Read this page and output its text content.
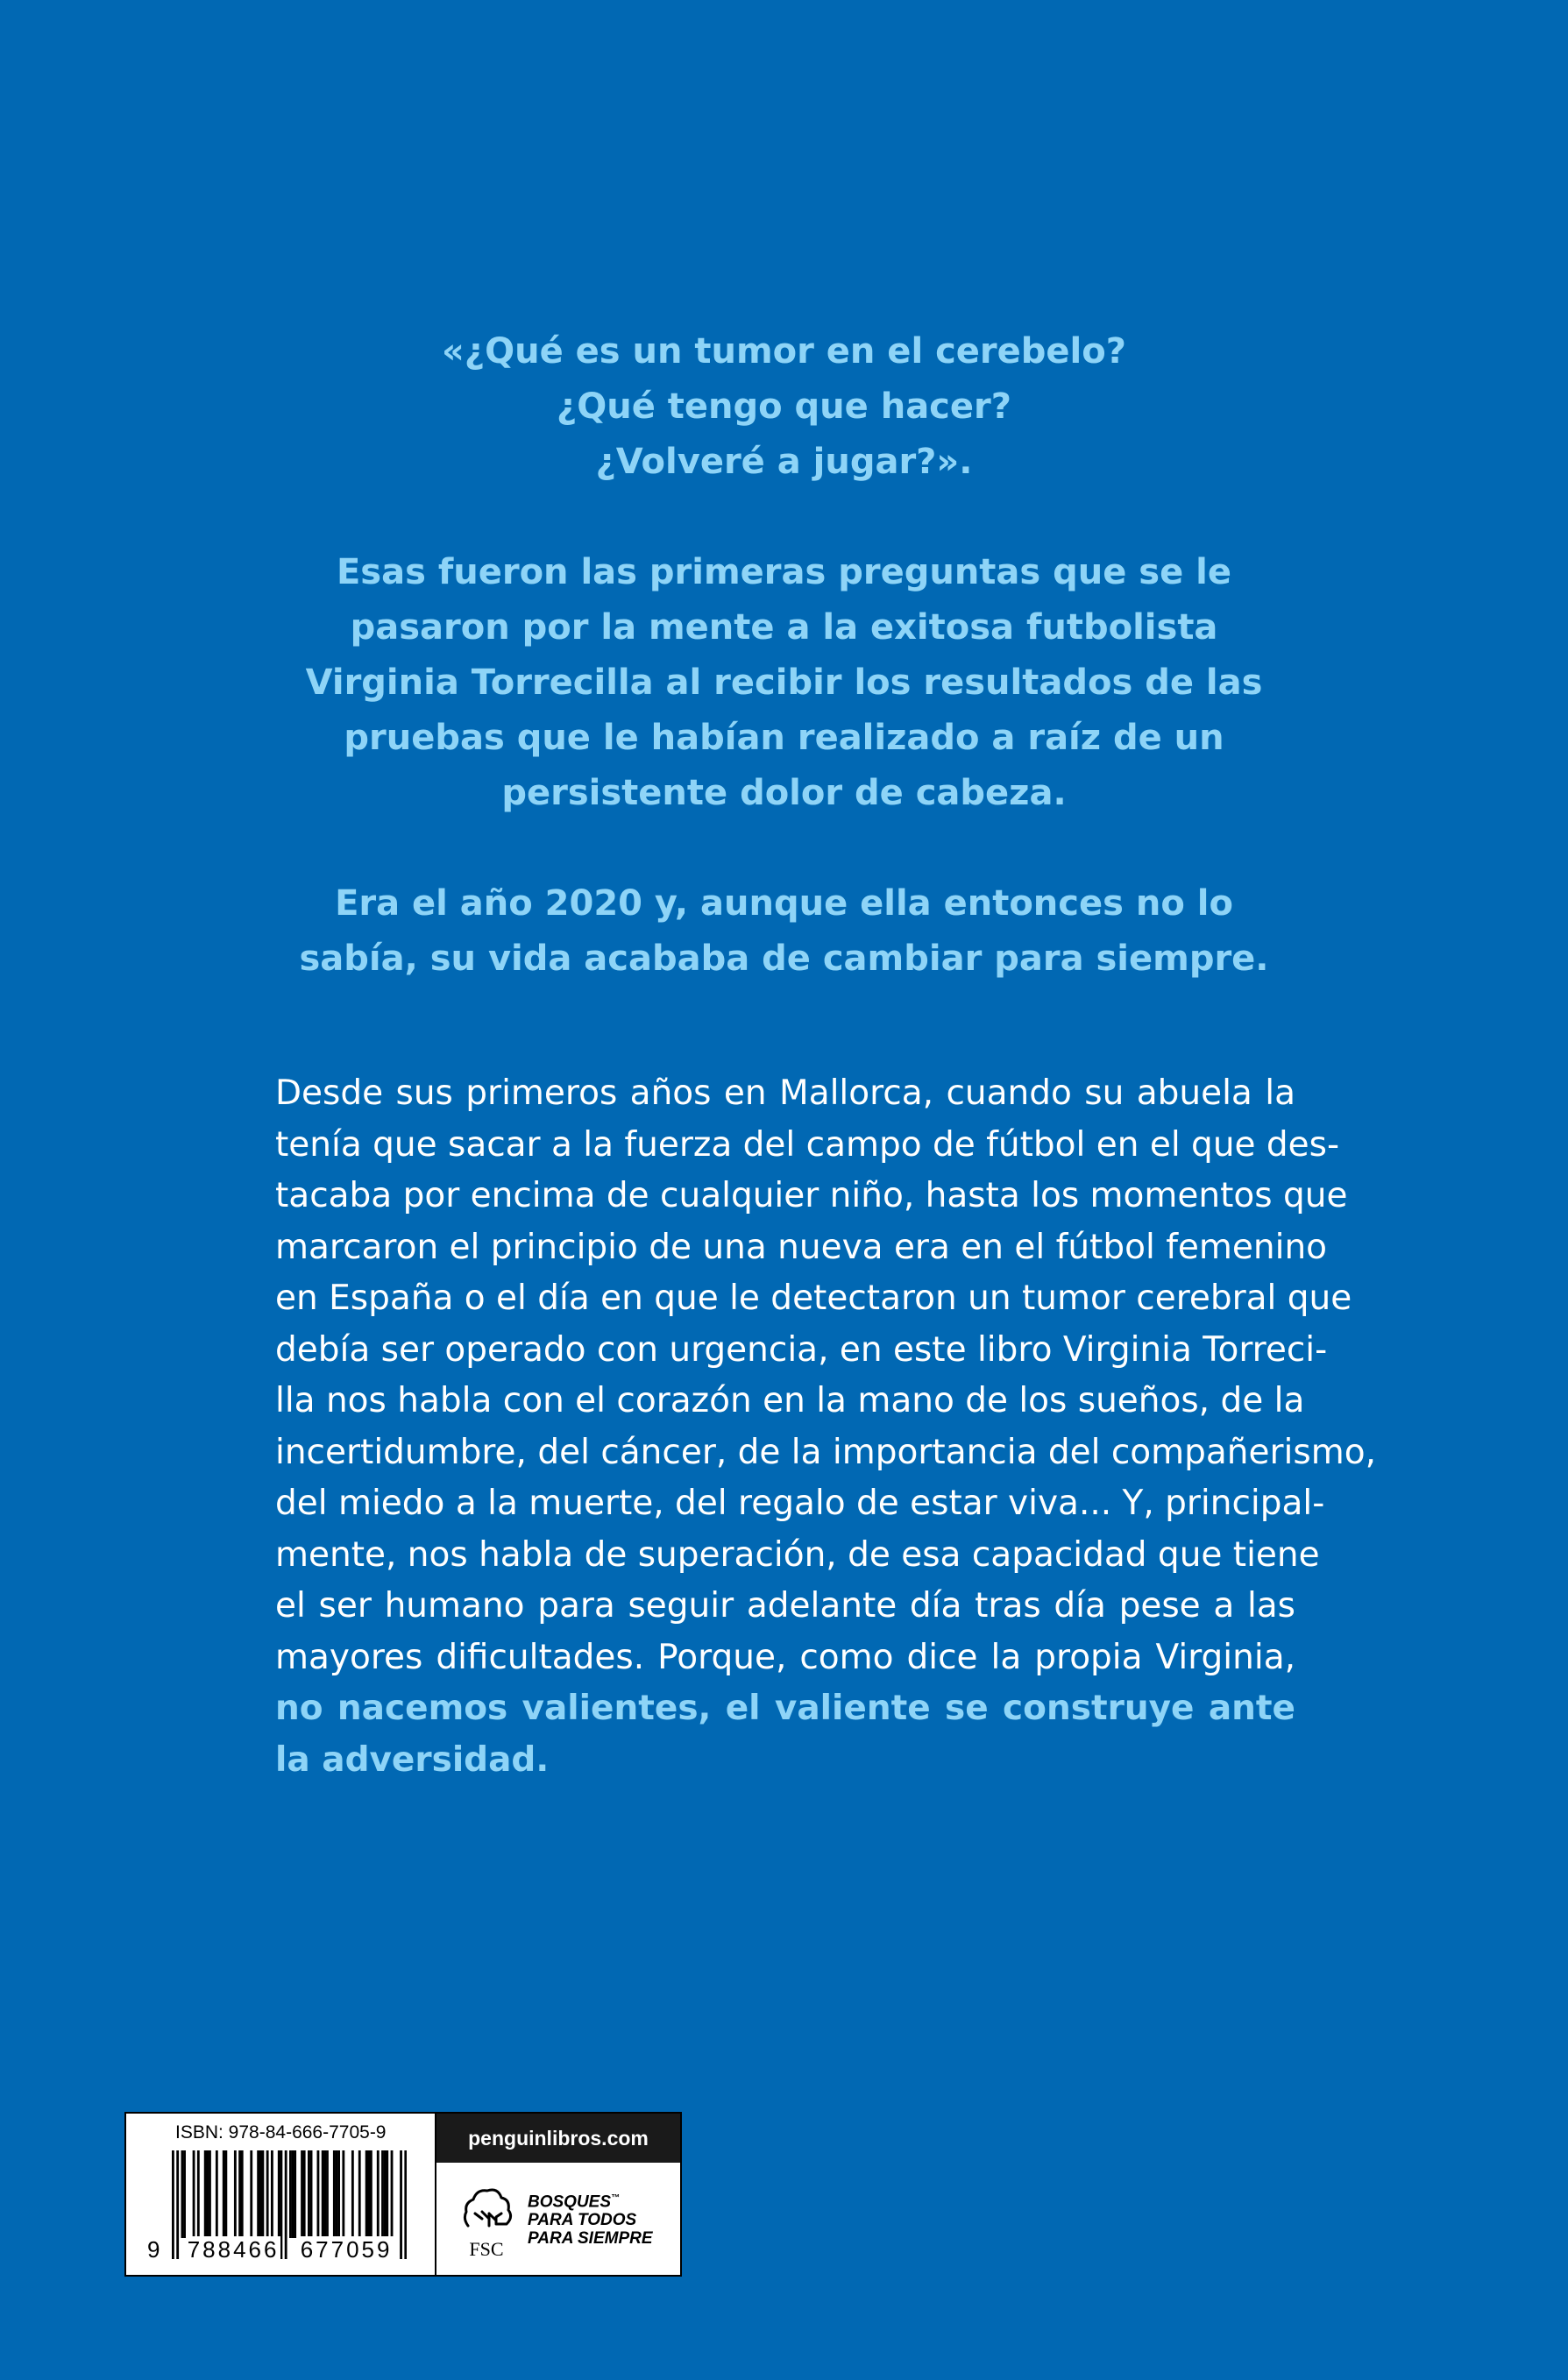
«¿Qué es un tumor en el cerebelo?
¿Qué tengo que hacer?
¿Volveré a jugar?».
Esas fueron las primeras preguntas que se le
pasaron por la mente a la exitosa futbolista
Virginia Torrecilla al recibir los resultados de las
pruebas que le habían realizado a raíz de un
persistente dolor de cabeza.
Era el año 2020 y, aunque ella entonces no lo
sabía, su vida acababa de cambiar para siempre.
Desde sus primeros años en Mallorca, cuando su abuela la
tenía que sacar a la fuerza del campo de fútbol en el que des-
tacaba por encima de cualquier niño, hasta los momentos que
marcaron el principio de una nueva era en el fútbol femenino
en España o el día en que le detectaron un tumor cerebral que
debía ser operado con urgencia, en este libro Virginia Torreci-
lla nos habla con el corazón en la mano de los sueños, de la
incertidumbre, del cáncer, de la importancia del compañerismo,
del miedo a la muerte, del regalo de estar viva... Y, principal-
mente, nos habla de superación, de esa capacidad que tiene
el ser humano para seguir adelante día tras día pese a las
mayores dificultades. Porque, como dice la propia Virginia,
no nacemos valientes, el valiente se construye ante
la adversidad.
ISBN: 978-84-666-7705-9
9 788466 677059
penguinlibros.com
FSC
BOSQUES™
PARA TODOS
PARA SIEMPRE
